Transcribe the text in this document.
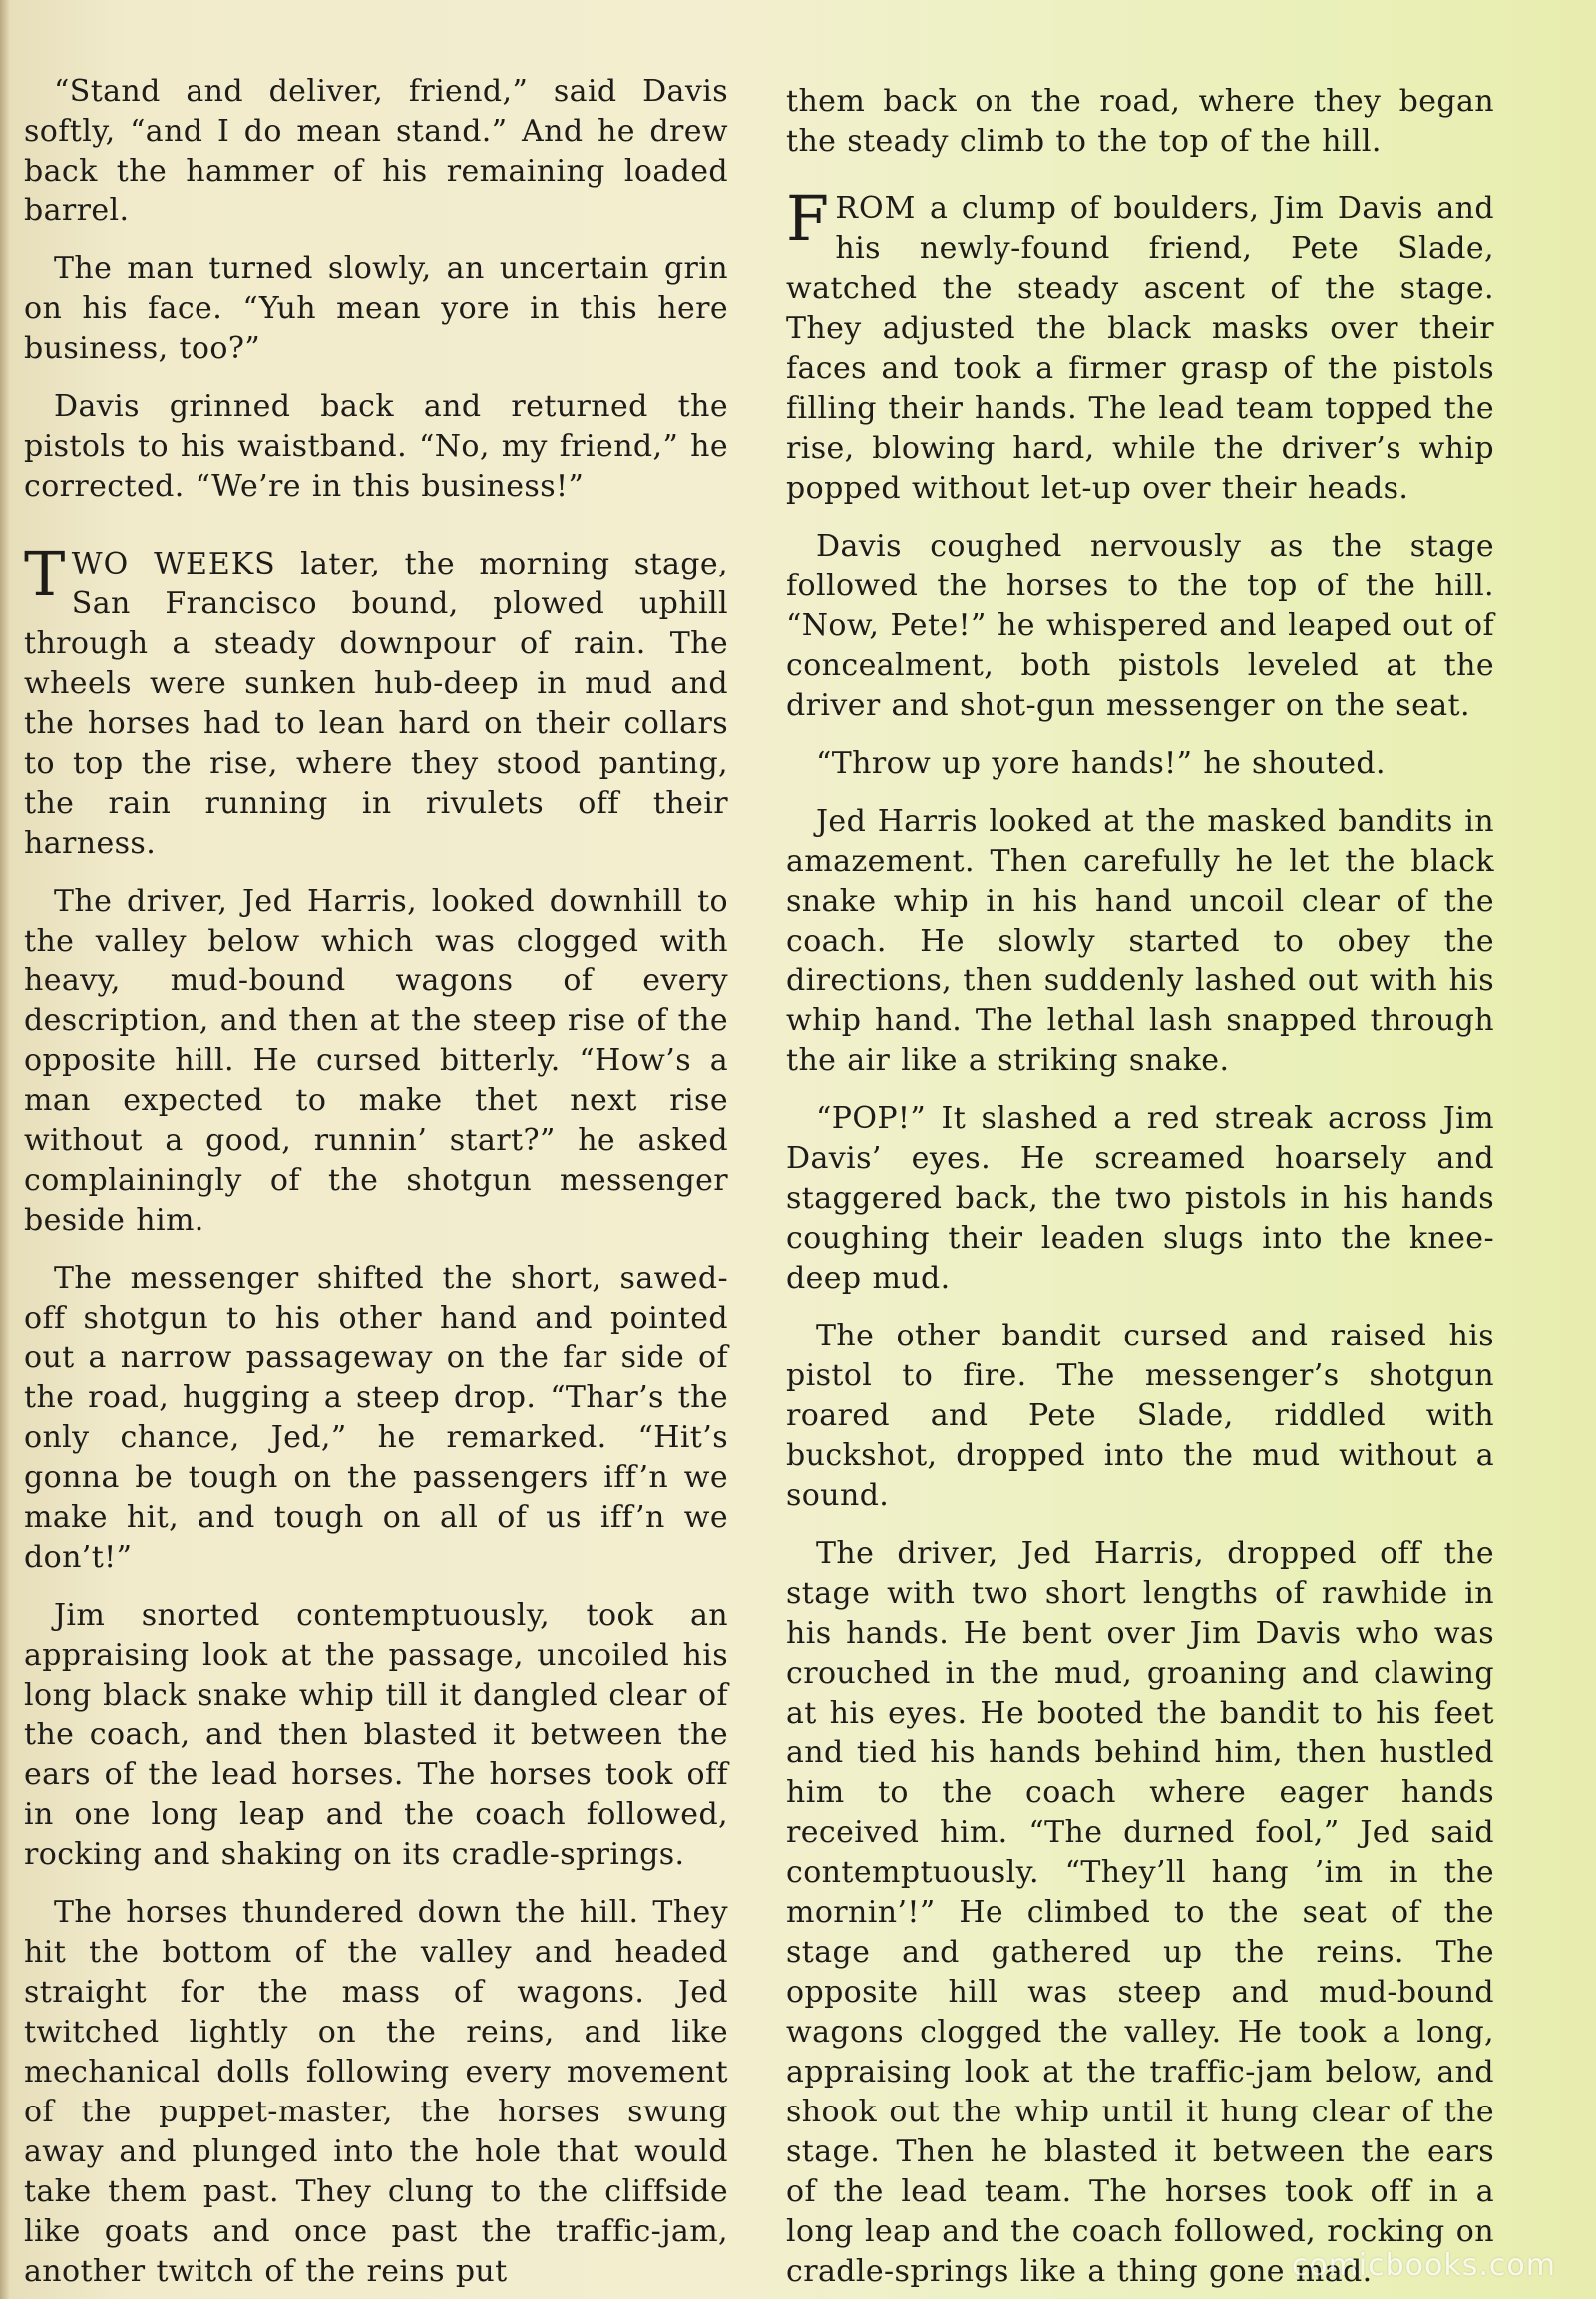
“Stand and deliver, friend,” said Davis softly, “and I do mean stand.” And he drew back the hammer of his remaining loaded barrel.

The man turned slowly, an uncertain grin on his face. “Yuh mean yore in this here business, too?”

Davis grinned back and returned the pistols to his waistband. “No, my friend,” he corrected. “We’re in this business!”

TWO WEEKS later, the morning stage, San Francisco bound, plowed uphill through a steady downpour of rain. The wheels were sunken hub-deep in mud and the horses had to lean hard on their collars to top the rise, where they stood panting, the rain running in rivulets off their harness.

The driver, Jed Harris, looked downhill to the valley below which was clogged with heavy, mud-bound wagons of every description, and then at the steep rise of the opposite hill. He cursed bitterly. “How’s a man expected to make thet next rise without a good, runnin’ start?” he asked complainingly of the shotgun messenger beside him.

The messenger shifted the short, sawed-off shotgun to his other hand and pointed out a narrow passageway on the far side of the road, hugging a steep drop. “Thar’s the only chance, Jed,” he remarked. “Hit’s gonna be tough on the passengers iff’n we make hit, and tough on all of us iff’n we don’t!”

Jim snorted contemptuously, took an appraising look at the passage, uncoiled his long black snake whip till it dangled clear of the coach, and then blasted it between the ears of the lead horses. The horses took off in one long leap and the coach followed, rocking and shaking on its cradle-springs.

The horses thundered down the hill. They hit the bottom of the valley and headed straight for the mass of wagons. Jed twitched lightly on the reins, and like mechanical dolls following every movement of the puppet-master, the horses swung away and plunged into the hole that would take them past. They clung to the cliffside like goats and once past the traffic-jam, another twitch of the reins put

them back on the road, where they began the steady climb to the top of the hill.

FROM a clump of boulders, Jim Davis and his newly-found friend, Pete Slade, watched the steady ascent of the stage. They adjusted the black masks over their faces and took a firmer grasp of the pistols filling their hands. The lead team topped the rise, blowing hard, while the driver’s whip popped without let-up over their heads.

Davis coughed nervously as the stage followed the horses to the top of the hill. “Now, Pete!” he whispered and leaped out of concealment, both pistols leveled at the driver and shot-gun messenger on the seat.

“Throw up yore hands!” he shouted.

Jed Harris looked at the masked bandits in amazement. Then carefully he let the black snake whip in his hand uncoil clear of the coach. He slowly started to obey the directions, then suddenly lashed out with his whip hand. The lethal lash snapped through the air like a striking snake.

“POP!” It slashed a red streak across Jim Davis’ eyes. He screamed hoarsely and staggered back, the two pistols in his hands coughing their leaden slugs into the knee-deep mud.

The other bandit cursed and raised his pistol to fire. The messenger’s shotgun roared and Pete Slade, riddled with buckshot, dropped into the mud without a sound.

The driver, Jed Harris, dropped off the stage with two short lengths of rawhide in his hands. He bent over Jim Davis who was crouched in the mud, groaning and clawing at his eyes. He booted the bandit to his feet and tied his hands behind him, then hustled him to the coach where eager hands received him. “The durned fool,” Jed said contemptuously. “They’ll hang ’im in the mornin’!” He climbed to the seat of the stage and gathered up the reins. The opposite hill was steep and mud-bound wagons clogged the valley. He took a long, appraising look at the traffic-jam below, and shook out the whip until it hung clear of the stage. Then he blasted it between the ears of the lead team. The horses took off in a long leap and the coach followed, rocking on cradle-springs like a thing gone mad.

comicbooks.com
